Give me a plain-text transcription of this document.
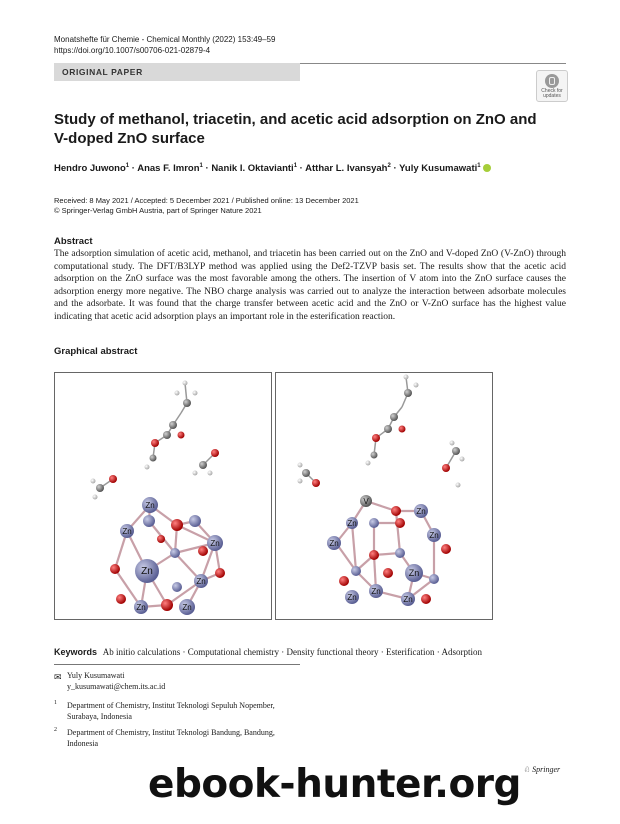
Monatshefte für Chemie - Chemical Monthly (2022) 153:49–59
https://doi.org/10.1007/s00706-021-02879-4
ORIGINAL PAPER
Check for updates
Study of methanol, triacetin, and acetic acid adsorption on ZnO and V-doped ZnO surface
Hendro Juwono$^1$ · Anas F. Imron$^1$ · Nanik I. Oktavianti$^1$ · Atthar L. Ivansyah$^2$ · Yuly Kusumawati$^1$
Received: 8 May 2021 / Accepted: 5 December 2021 / Published online: 13 December 2021
© Springer-Verlag GmbH Austria, part of Springer Nature 2021
Abstract
The adsorption simulation of acetic acid, methanol, and triacetin has been carried out on the ZnO and V-doped ZnO (V-ZnO) through computational study. The DFT/B3LYP method was applied using the Def2-TZVP basis set. The results show that the acetic acid adsorption on the ZnO surface was the most favorable among the others. The insertion of V atom into the ZnO surface causes the adsorption energy more negative. The NBO charge analysis was carried out to analyze the interaction between adsorbate molecules and the adsorbate. It was found that the charge transfer between acetic acid and the ZnO or V-ZnO surface has the highest value indicating that acetic acid adsorption plays an important role in the esterification reaction.
Graphical abstract
Zn
Zn
Zn
Zn
Zn
Zn	Zn
V
Zn
Zn
Zn
Zn
Zn
Zn
Zn
Zn
Keywords Ab initio calculations · Computational chemistry · Density functional theory · Esterification · Adsorption
✉ Yuly Kusumawati
y_kusumawati@chem.its.ac.id
1 Department of Chemistry, Institut Teknologi Sepuluh Nopember, Surabaya, Indonesia
2 Department of Chemistry, Institut Teknologi Bandung, Bandung, Indonesia
♘ Springer
ebook-hunter.org
